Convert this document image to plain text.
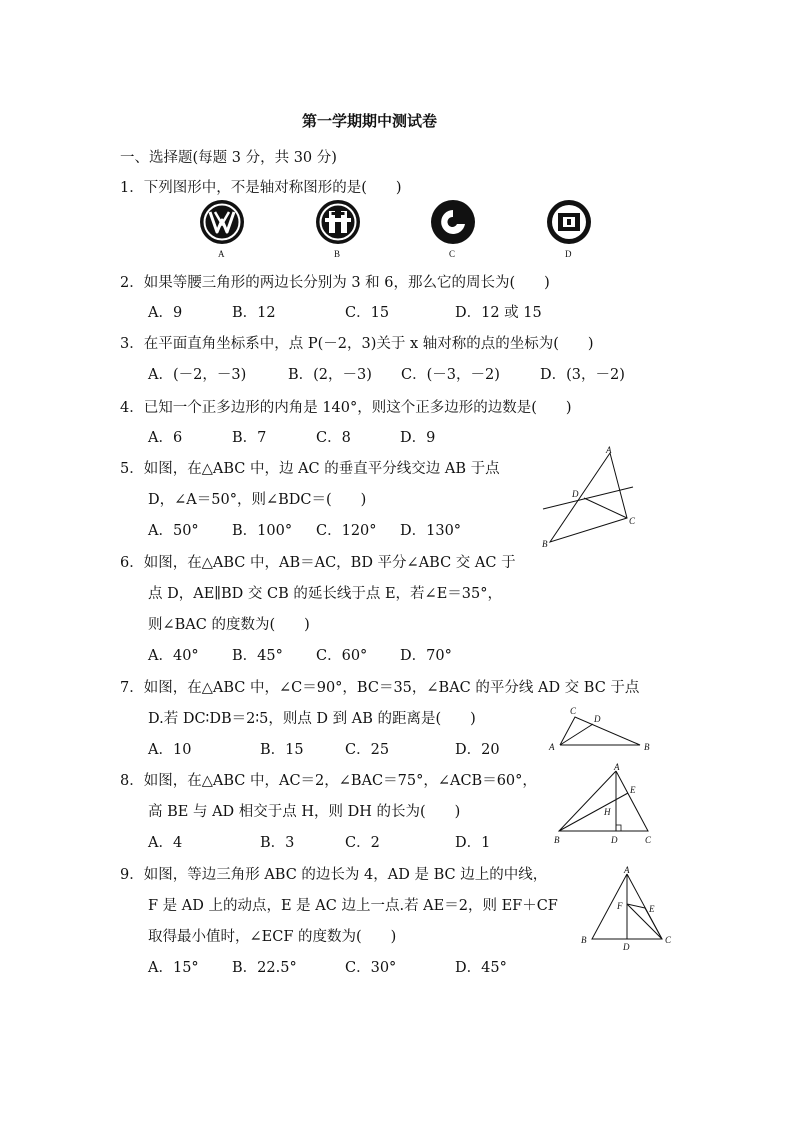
第一学期期中测试卷
一、选择题(每题 3 分，共 30 分)
1．下列图形中，不是轴对称图形的是(　　)
A	B	C	D
2．如果等腰三角形的两边长分别为 3 和 6，那么它的周长为(　　)
A．9	B．12	C．15	D．12 或 15
3．在平面直角坐标系中，点 P(－2，3)关于 x 轴对称的点的坐标为(　　)
A．(－2，－3)	B．(2，－3) C．(－3，－2)	D．(3，－2)
4．已知一个正多边形的内角是 140°，则这个正多边形的边数是(　　)
A．6	B．7	C．8	D．9
5．如图，在△ABC 中，边 AC 的垂直平分线交边 AB 于点
D，∠A＝50°，则∠BDC＝(　　)
A．50° B．100° C．120° D．130°
A
B
C
D
6．如图，在△ABC 中，AB＝AC，BD 平分∠ABC 交 AC 于
点 D，AE∥BD 交 CB 的延长线于点 E，若∠E＝35°，
则∠BAC 的度数为(　　)
A．40° B．45° C．60° D．70°
7．如图，在△ABC 中，∠C＝90°，BC＝35，∠BAC 的平分线 AD 交 BC 于点
D.若 DC∶DB＝2∶5，则点 D 到 AB 的距离是(　　)
A．10	B．15	C．25	D．20	A	B
C
D
8．如图，在△ABC 中，AC＝2，∠BAC＝75°，∠ACB＝60°，
高 BE 与 AD 相交于点 H，则 DH 的长为(　　)
A．4	B．3	C．2	D．1
A
B	C
D
E
H
9．如图，等边三角形 ABC 的边长为 4，AD 是 BC 边上的中线，
F 是 AD 上的动点，E 是 AC 边上一点.若 AE＝2，则 EF＋CF
取得最小值时，∠ECF 的度数为(　　)
A．15° B．22.5°	C．30°	D．45°
A
B	C
D
E
F
